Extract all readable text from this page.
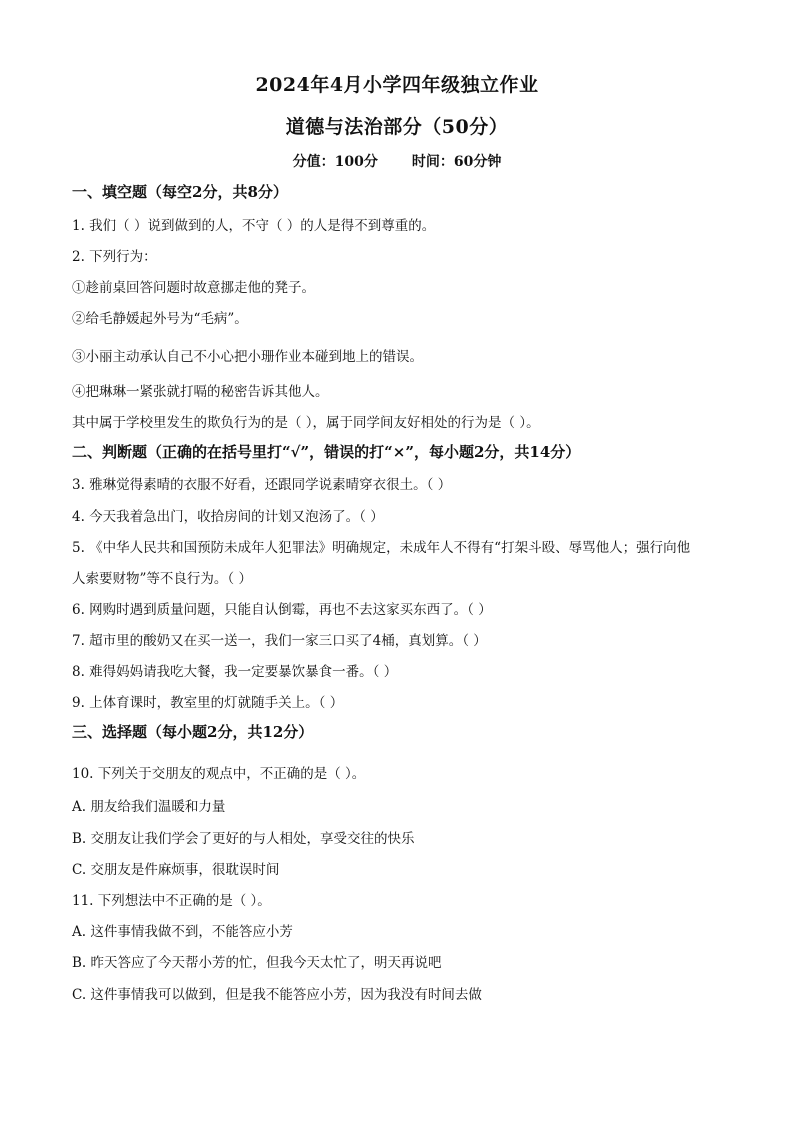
2024年4月小学四年级独立作业
道德与法治部分（50分）
分值：100分 时间：60分钟
一、填空题（每空2分，共8分）
1. 我们（ ）说到做到的人，不守（ ）的人是得不到尊重的。
2. 下列行为：
①趁前桌回答问题时故意挪走他的凳子。
②给毛静媛起外号为“毛病”。
③小丽主动承认自己不小心把小珊作业本碰到地上的错误。
④把琳琳一紧张就打嗝的秘密告诉其他人。
其中属于学校里发生的欺负行为的是（ ），属于同学间友好相处的行为是（ ）。
二、判断题（正确的在括号里打“√”，错误的打“×”，每小题2分，共14分）
3. 雅琳觉得素晴的衣服不好看，还跟同学说素晴穿衣很土。（ ）
4. 今天我着急出门，收拾房间的计划又泡汤了。（ ）
5. 《中华人民共和国预防未成年人犯罪法》明确规定，未成年人不得有“打架斗殴、辱骂他人；强行向他
人索要财物”等不良行为。（ ）
6. 网购时遇到质量问题，只能自认倒霉，再也不去这家买东西了。（ ）
7. 超市里的酸奶又在买一送一，我们一家三口买了4桶，真划算。（ ）
8. 难得妈妈请我吃大餐，我一定要暴饮暴食一番。（ ）
9. 上体育课时，教室里的灯就随手关上。（ ）
三、选择题（每小题2分，共12分）
10. 下列关于交朋友的观点中，不正确的是（ ）。
A. 朋友给我们温暖和力量
B. 交朋友让我们学会了更好的与人相处，享受交往的快乐
C. 交朋友是件麻烦事，很耽误时间
11. 下列想法中不正确的是（ ）。
A. 这件事情我做不到，不能答应小芳
B. 昨天答应了今天帮小芳的忙，但我今天太忙了，明天再说吧
C. 这件事情我可以做到，但是我不能答应小芳，因为我没有时间去做
